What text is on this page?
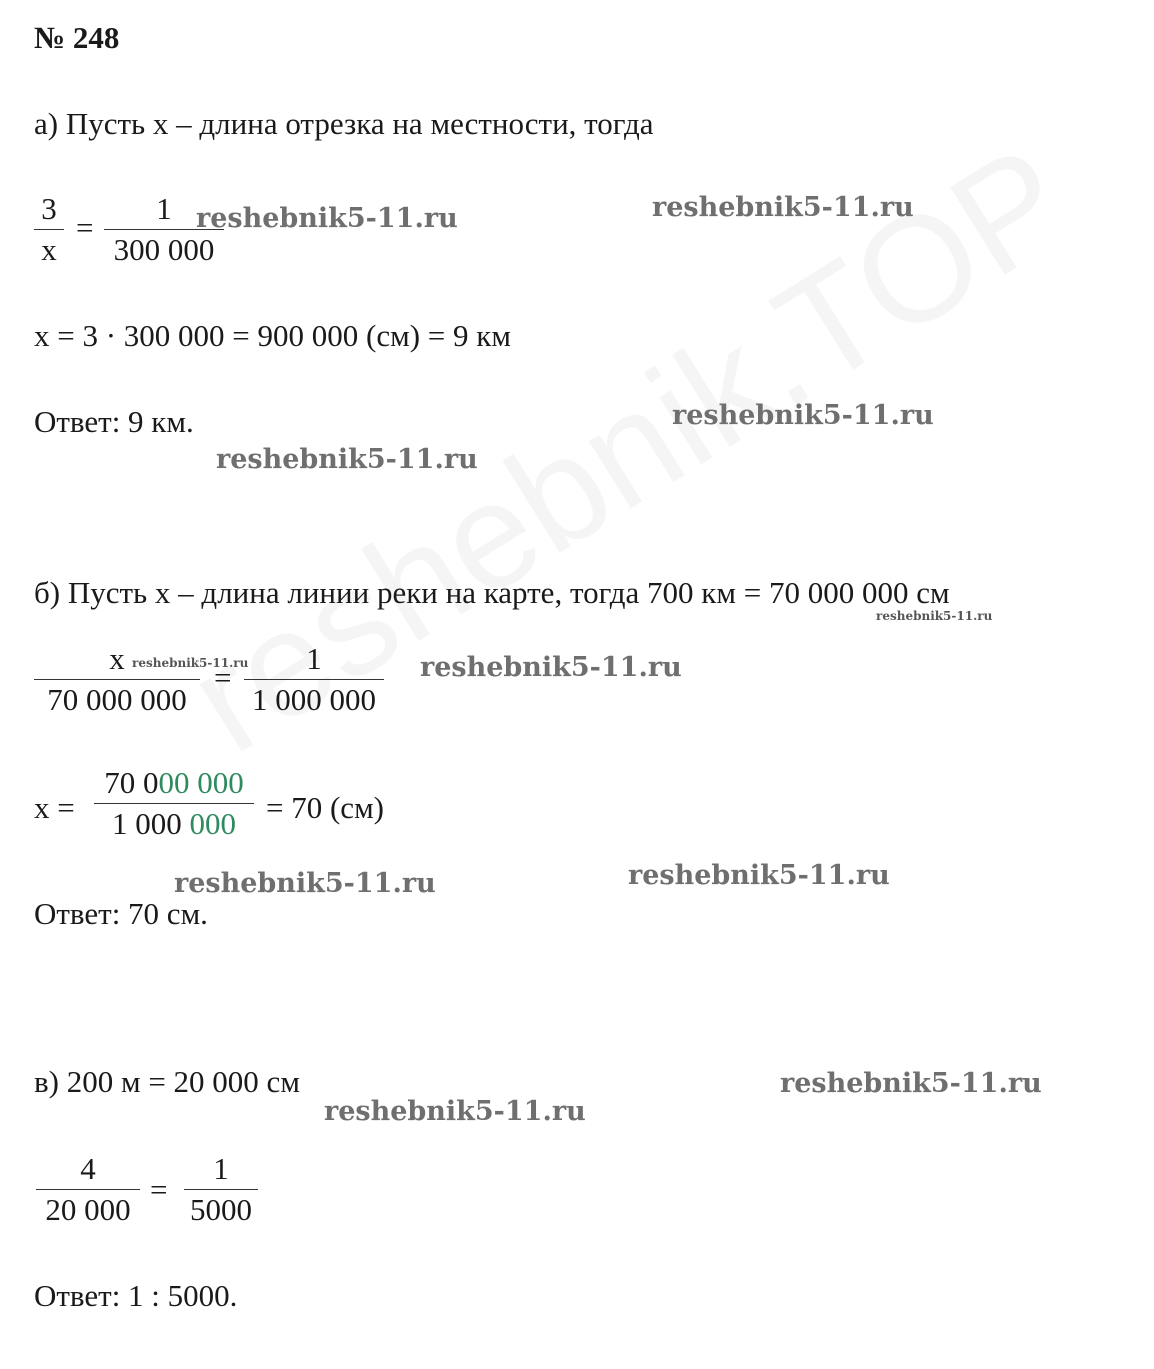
№ 248
а) Пусть х – длина отрезка на местности, тогда
3
х
=
1
300 000
х = 3 · 300 000 = 900 000 (см) = 9 км
Ответ: 9 км.
б) Пусть х – длина линии реки на карте, тогда 700 км = 70 000 000 см
х
70 000 000
=
1
1 000 000
х =
70 000 000
1 000 000 = 70 (см)
Ответ: 70 см.
в) 200 м = 20 000 см
4
20 000
=
1
5000
Ответ: 1 : 5000.
reshebnik5-11.ru	reshebnik5-11.ru
reshebnik5-11.ru
reshebnik5-11.ru
reshebnik5-11.ru
reshebnik5-11.ru	reshebnik5-11.ru
reshebnik5-11.ru	reshebnik5-11.ru
reshebnik5-11.ru
reshebnik5-11.ru
